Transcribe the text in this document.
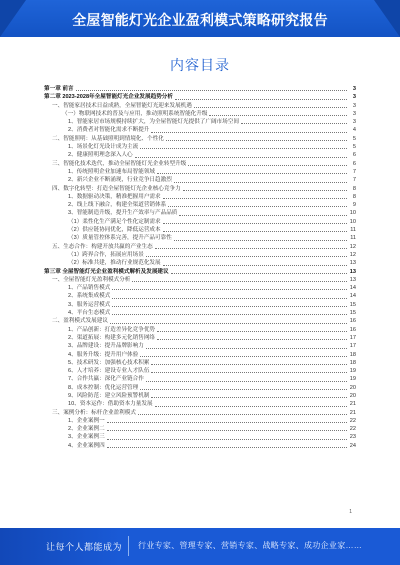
全屋智能灯光企业盈利模式策略研究报告
内容目录
第一章 前言	3
第二章 2023-2028年全屋智能灯光企业发展趋势分析	3
一、智能家居技术日益成熟，全屋智能灯光迎来发展机遇	3
（一）物联网技术的普及与应用，推动照明系统智能化升级	3
1、智能家居市场规模持续扩大，为全屋智能灯光提供了广阔市场空间	3
2、消费者对智能化需求不断提升	4
二、智能照明：从基础照明到情境化、个性化	5
1、场景化灯光设计成为主流	5
2、健康照明理念深入人心	6
三、智能化技术迭代，推动全屋智能灯光企业转型升级	6
1、传统照明企业加速布局智能领域	7
2、新兴企业不断涌现，行业竞争日趋激烈	7
四、数字化转型：打造全屋智能灯光企业核心竞争力	8
1、数据驱动决策，精准把握用户需求	8
2、线上线下融合，构建全渠道营销体系	9
3、智能制造升级，提升生产效率与产品品质	10
（1）柔性化生产满足个性化定制需求	10
（2）供应链协同优化，降低运营成本	11
（3）质量管控体系完善，提升产品可靠性	11
五、生态合作：构建开放共赢的产业生态	12
（1）跨界合作，拓展应用场景	12
（2）标准共建，推动行业规范化发展	13
第三章 全屋智能灯光企业盈利模式解析及发展建议	13
一、全屋智能灯光盈利模式分析	13
1、产品销售模式	14
2、系统集成模式	14
3、服务运营模式	15
4、平台生态模式	15
二、盈利模式发展建议	16
1、产品创新：打造差异化竞争优势	16
2、渠道拓展：构建多元化销售网络	17
3、品牌建设：提升品牌影响力	17
4、服务升级：提升用户体验	18
5、技术研发：加强核心技术积累	18
6、人才培养：建设专业人才队伍	19
7、合作共赢：深化产业链合作	19
8、成本控制：优化运营管理	20
9、风险防范：建立风险预警机制	20
10、资本运作：借助资本力量发展	21
三、案例分析：标杆企业盈利模式	21
1、企业案例一	22
2、企业案例二	22
3、企业案例三	23
4、企业案例四	24
1
让每个人都能成为 行业专家、管理专家、营销专家、战略专家、成功企业家……
